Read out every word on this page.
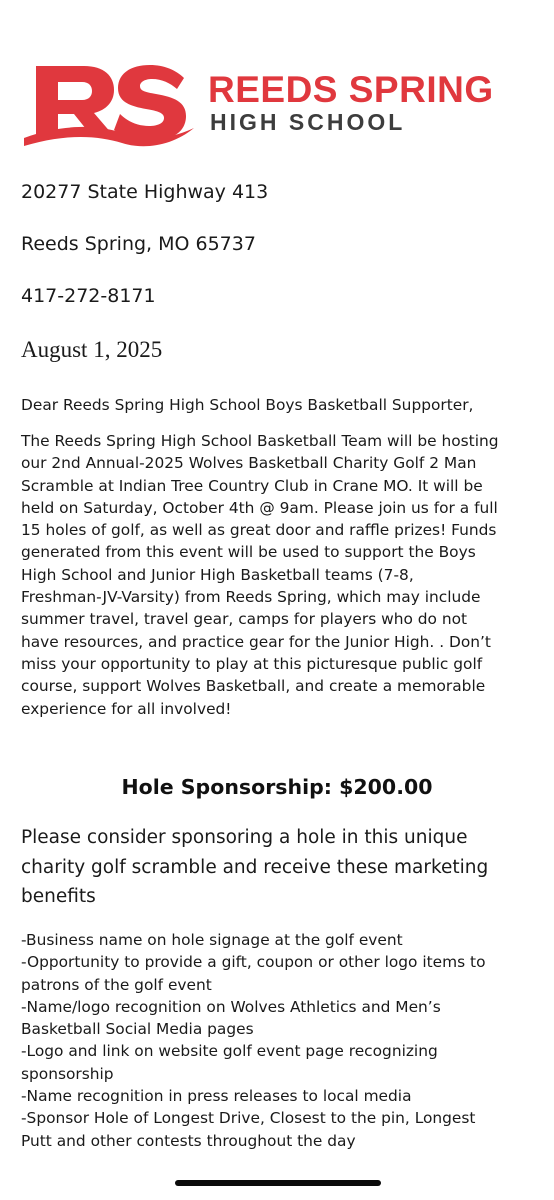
REEDS SPRING
HIGH SCHOOL
20277 State Highway 413
Reeds Spring, MO 65737
417-272-8171
August 1, 2025
Dear Reeds Spring High School Boys Basketball Supporter,

The Reeds Spring High School Basketball Team will be hosting
our 2nd Annual-2025 Wolves Basketball Charity Golf 2 Man
Scramble at Indian Tree Country Club in Crane MO. It will be
held on Saturday, October 4th @ 9am. Please join us for a full
15 holes of golf, as well as great door and raffle prizes! Funds
generated from this event will be used to support the Boys
High School and Junior High Basketball teams (7-8,
Freshman-JV-Varsity) from Reeds Spring, which may include
summer travel, travel gear, camps for players who do not
have resources, and practice gear for the Junior High. . Don’t
miss your opportunity to play at this picturesque public golf
course, support Wolves Basketball, and create a memorable
experience for all involved!

Hole Sponsorship: $200.00

Please consider sponsoring a hole in this unique
charity golf scramble and receive these marketing
benefits

-Business name on hole signage at the golf event
-Opportunity to provide a gift, coupon or other logo items to
patrons of the golf event
-Name/logo recognition on Wolves Athletics and Men’s
Basketball Social Media pages
-Logo and link on website golf event page recognizing
sponsorship
-Name recognition in press releases to local media
-Sponsor Hole of Longest Drive, Closest to the pin, Longest
Putt and other contests throughout the day
